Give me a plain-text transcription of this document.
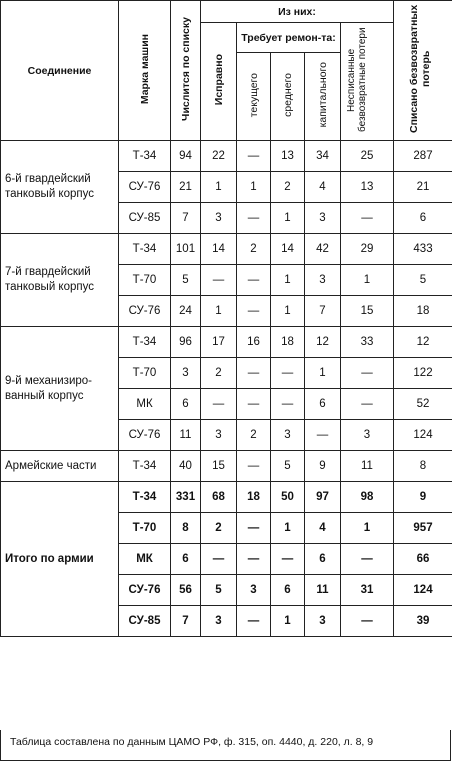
Соединение	Марка машин	Числится по списку	Из них:					Списано безвозвратных потерь
			Исправно	Требует ремон-та:			Несписанные безвозвратные потери	
				текущего	среднего	капитального		
6-й гвардейский танковый корпус	Т-34	94	22	—	13	34	25	287
	СУ-76	21	1	1	2	4	13	21
	СУ-85	7	3	—	1	3	—	6
7-й гвардейский танковый корпус	Т-34	101	14	2	14	42	29	433
	Т-70	5	—	—	1	3	1	5
	СУ-76	24	1	—	1	7	15	18
9-й механизиро-ванный корпус	Т-34	96	17	16	18	12	33	12
	Т-70	3	2	—	—	1	—	122
	МК	6	—	—	—	6	—	52
	СУ-76	11	3	2	3	—	3	124
Армейские части	Т-34	40	15	—	5	9	11	8
Итого по армии	Т-34	331	68	18	50	97	98	9
	Т-70	8	2	—	1	4	1	957
	МК	6	—	—	—	6	—	66
	СУ-76	56	5	3	6	11	31	124
	СУ-85	7	3	—	1	3	—	39
Таблица составлена по данным ЦАМО РФ, ф. 315, оп. 4440, д. 220, л. 8, 9
